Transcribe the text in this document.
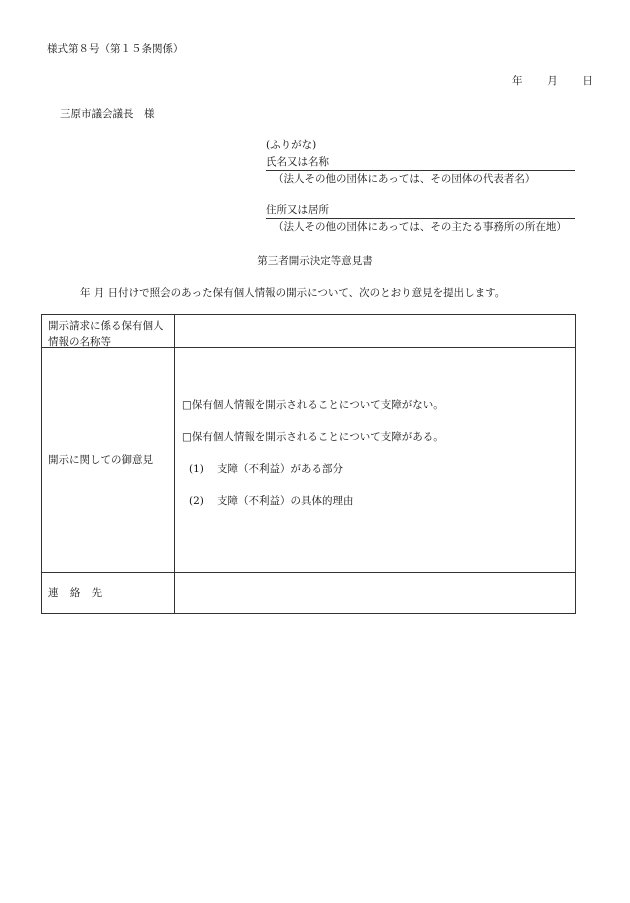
様式第８号（第１５条関係）
年 月 日
三原市議会議長　様
(ふりがな)
氏名又は名称
（法人その他の団体にあっては、その団体の代表者名）
住所又は居所
（法人その他の団体にあっては、その主たる事務所の所在地）
第三者開示決定等意見書
年 月 日付けで照会のあった保有個人情報の開示について、次のとおり意見を提出します。
開示請求に係る保有個人情報の名称等
開示に関しての御意見
□保有個人情報を開示されることについて支障がない。
□保有個人情報を開示されることについて支障がある。
(1) 支障（不利益）がある部分
(2) 支障（不利益）の具体的理由
連 絡 先
